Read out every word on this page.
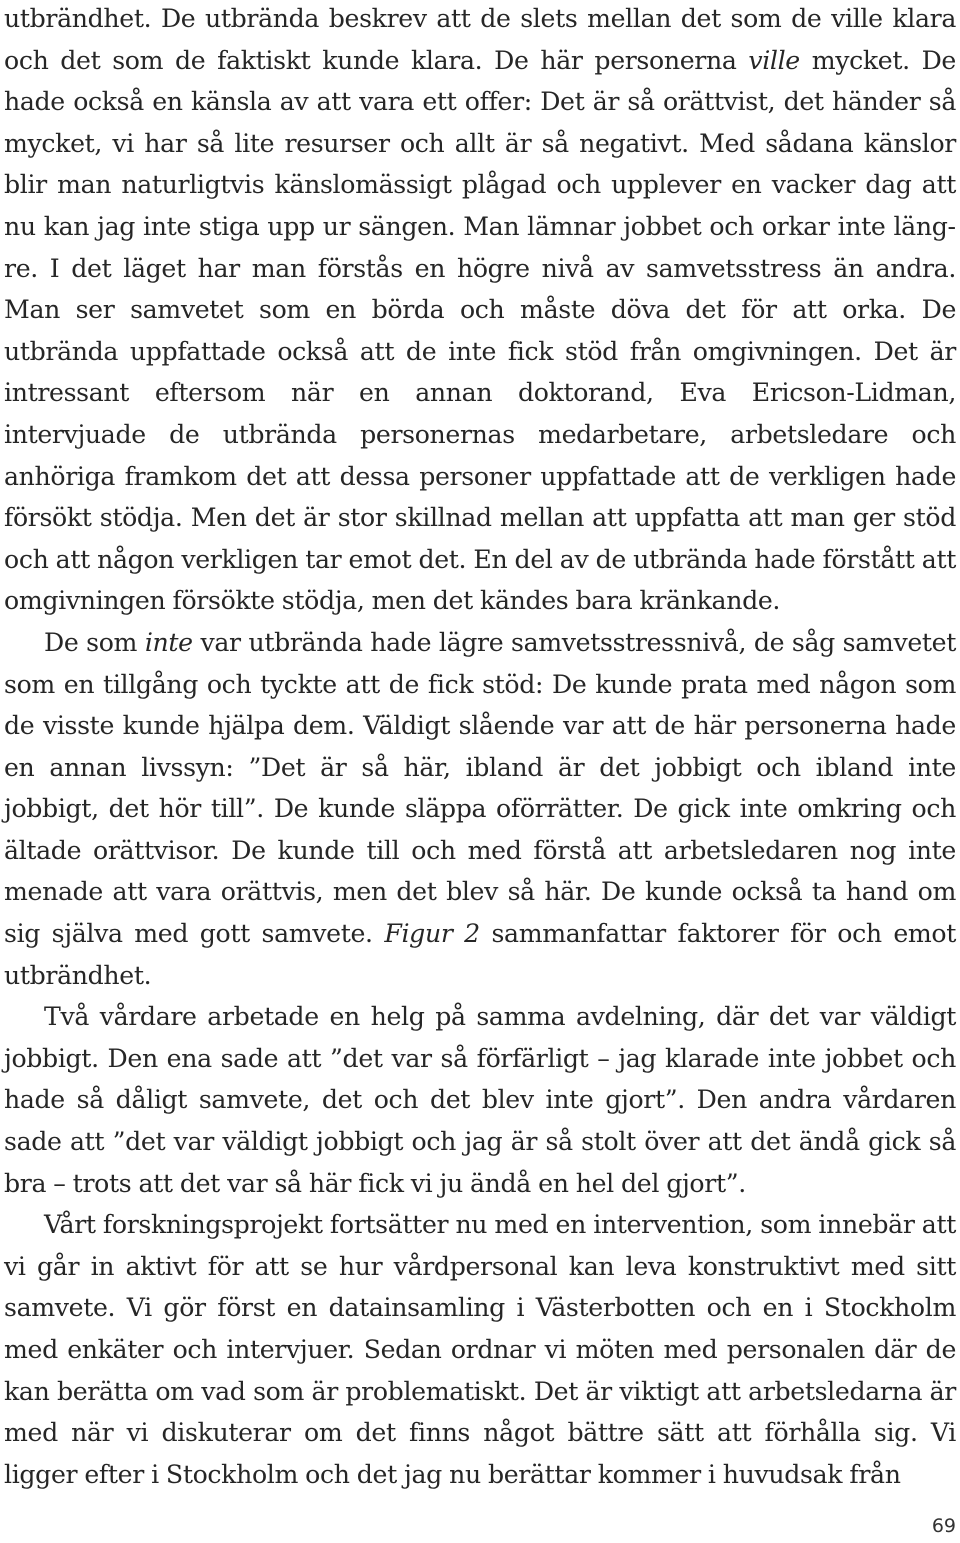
utbrändhet. De utbrända beskrev att de slets mellan det som de ville klara och det som de faktiskt kunde klara. De här personerna ville mycket. De hade också en känsla av att vara ett offer: Det är så orättvist, det händer så mycket, vi har så lite resurser och allt är så negativt. Med sådana känslor blir man naturligtvis känslomässigt plågad och upplever en vacker dag att nu kan jag inte stiga upp ur sängen. Man lämnar jobbet och orkar inte längre. I det läget har man förstås en högre nivå av samvetsstress än andra. Man ser samvetet som en börda och måste döva det för att orka. De utbrända uppfattade också att de inte fick stöd från omgivningen. Det är intressant eftersom när en annan doktorand, Eva Ericson-Lidman, intervjuade de utbrända personernas medarbetare, arbetsledare och anhöriga framkom det att dessa personer uppfattade att de verkligen hade försökt stödja. Men det är stor skillnad mellan att uppfatta att man ger stöd och att någon verkligen tar emot det. En del av de utbrända hade förstått att omgivningen försökte stödja, men det kändes bara kränkande.

De som inte var utbrända hade lägre samvetsstressnivå, de såg samvetet som en tillgång och tyckte att de fick stöd: De kunde prata med någon som de visste kunde hjälpa dem. Väldigt slående var att de här personerna hade en annan livssyn: ”Det är så här, ibland är det jobbigt och ibland inte jobbigt, det hör till”. De kunde släppa oförrätter. De gick inte omkring och ältade orättvisor. De kunde till och med förstå att arbetsledaren nog inte menade att vara orättvis, men det blev så här. De kunde också ta hand om sig själva med gott samvete. Figur 2 sammanfattar faktorer för och emot utbrändhet.

Två vårdare arbetade en helg på samma avdelning, där det var väldigt jobbigt. Den ena sade att ”det var så förfärligt – jag klarade inte jobbet och hade så dåligt samvete, det och det blev inte gjort”. Den andra vårdaren sade att ”det var väldigt jobbigt och jag är så stolt över att det ändå gick så bra – trots att det var så här fick vi ju ändå en hel del gjort”.

Vårt forskningsprojekt fortsätter nu med en intervention, som innebär att vi går in aktivt för att se hur vårdpersonal kan leva konstruktivt med sitt samvete. Vi gör först en datainsamling i Västerbotten och en i Stockholm med enkäter och intervjuer. Sedan ordnar vi möten med personalen där de kan berätta om vad som är problematiskt. Det är viktigt att arbetsledarna är med när vi diskuterar om det finns något bättre sätt att förhålla sig. Vi ligger efter i Stockholm och det jag nu berättar kommer i huvudsak från

69
